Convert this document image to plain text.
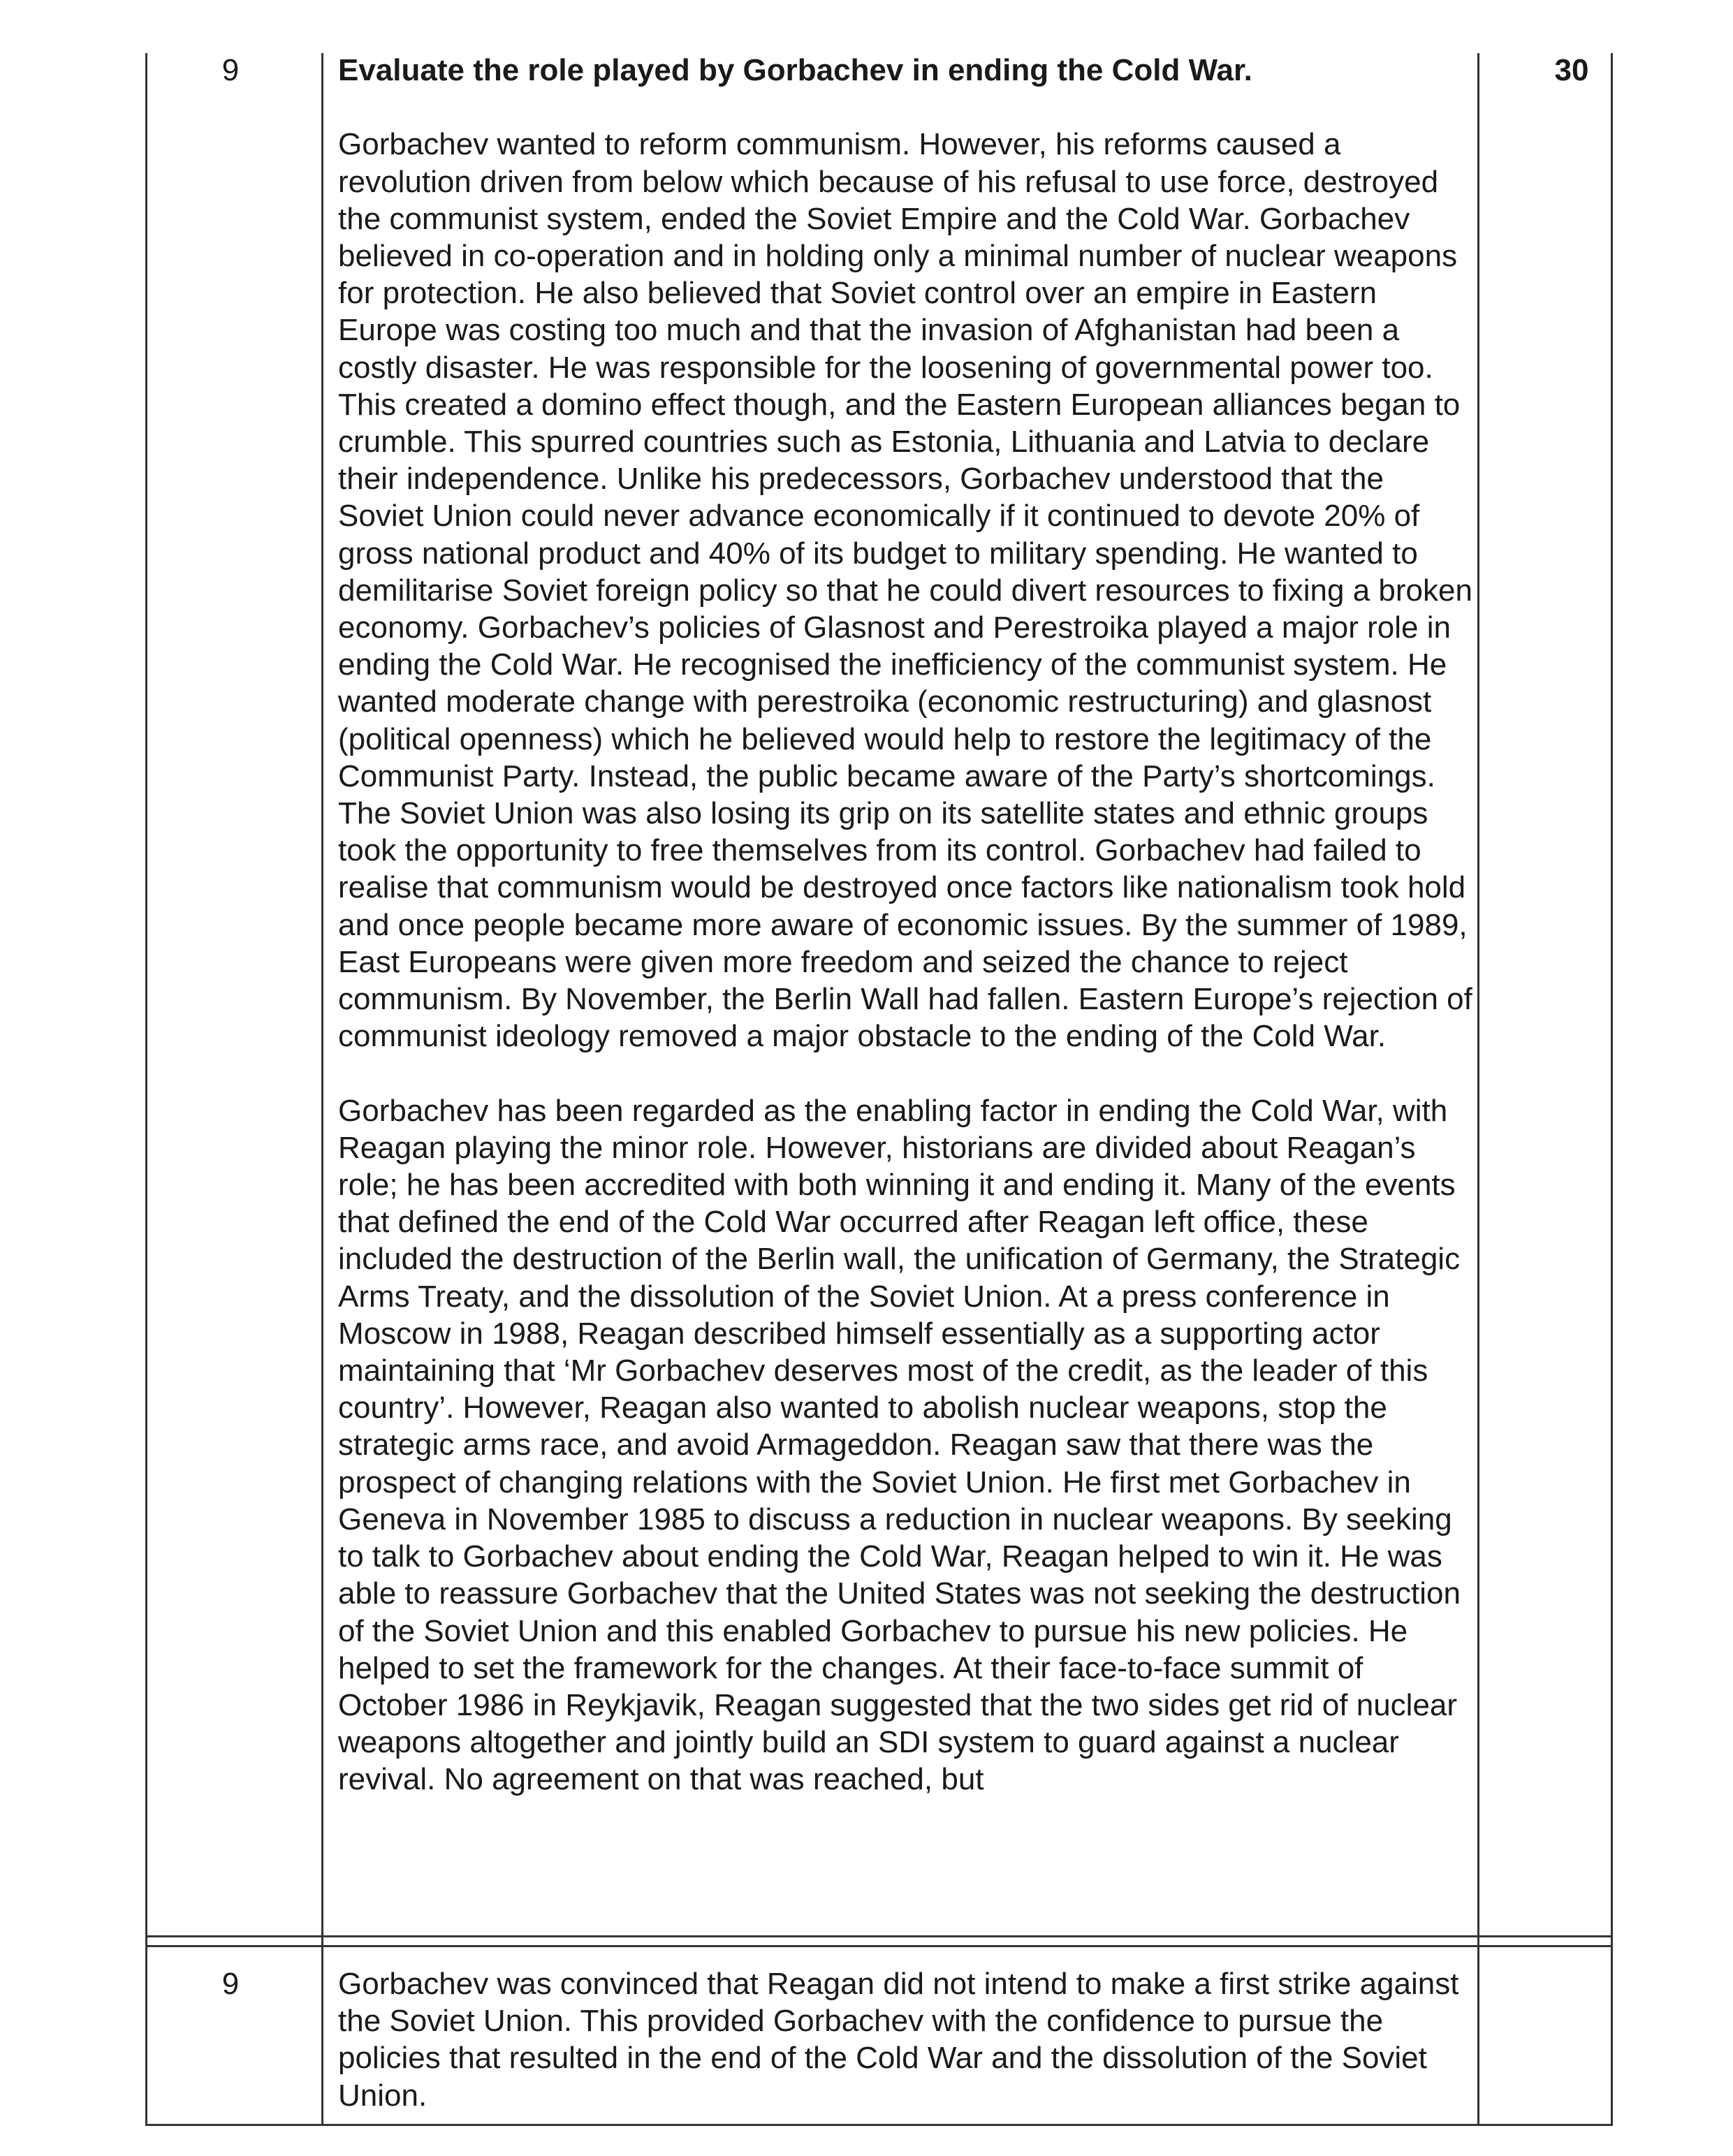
9	30

Evaluate the role played by Gorbachev in ending the Cold War.

Gorbachev wanted to reform communism. However, his reforms caused a revolution driven from below which because of his refusal to use force, destroyed the communist system, ended the Soviet Empire and the Cold War. Gorbachev believed in co-operation and in holding only a minimal number of nuclear weapons for protection. He also believed that Soviet control over an empire in Eastern Europe was costing too much and that the invasion of Afghanistan had been a costly disaster. He was responsible for the loosening of governmental power too. This created a domino effect though, and the Eastern European alliances began to crumble. This spurred countries such as Estonia, Lithuania and Latvia to declare their independence. Unlike his predecessors, Gorbachev understood that the Soviet Union could never advance economically if it continued to devote 20% of gross national product and 40% of its budget to military spending. He wanted to demilitarise Soviet foreign policy so that he could divert resources to fixing a broken economy. Gorbachev’s policies of Glasnost and Perestroika played a major role in ending the Cold War. He recognised the inefficiency of the communist system. He wanted moderate change with perestroika (economic restructuring) and glasnost (political openness) which he believed would help to restore the legitimacy of the Communist Party. Instead, the public became aware of the Party’s shortcomings. The Soviet Union was also losing its grip on its satellite states and ethnic groups took the opportunity to free themselves from its control. Gorbachev had failed to realise that communism would be destroyed once factors like nationalism took hold and once people became more aware of economic issues. By the summer of 1989, East Europeans were given more freedom and seized the chance to reject communism. By November, the Berlin Wall had fallen. Eastern Europe’s rejection of communist ideology removed a major obstacle to the ending of the Cold War.

Gorbachev has been regarded as the enabling factor in ending the Cold War, with Reagan playing the minor role. However, historians are divided about Reagan’s role; he has been accredited with both winning it and ending it. Many of the events that defined the end of the Cold War occurred after Reagan left office, these included the destruction of the Berlin wall, the unification of Germany, the Strategic Arms Treaty, and the dissolution of the Soviet Union. At a press conference in Moscow in 1988, Reagan described himself essentially as a supporting actor maintaining that ‘Mr Gorbachev deserves most of the credit, as the leader of this country’. However, Reagan also wanted to abolish nuclear weapons, stop the strategic arms race, and avoid Armageddon. Reagan saw that there was the prospect of changing relations with the Soviet Union. He first met Gorbachev in Geneva in November 1985 to discuss a reduction in nuclear weapons. By seeking to talk to Gorbachev about ending the Cold War, Reagan helped to win it. He was able to reassure Gorbachev that the United States was not seeking the destruction of the Soviet Union and this enabled Gorbachev to pursue his new policies. He helped to set the framework for the changes. At their face-to-face summit of October 1986 in Reykjavik, Reagan suggested that the two sides get rid of nuclear weapons altogether and jointly build an SDI system to guard against a nuclear revival. No agreement on that was reached, but

9	Gorbachev was convinced that Reagan did not intend to make a first strike against the Soviet Union. This provided Gorbachev with the confidence to pursue the policies that resulted in the end of the Cold War and the dissolution of the Soviet Union.
